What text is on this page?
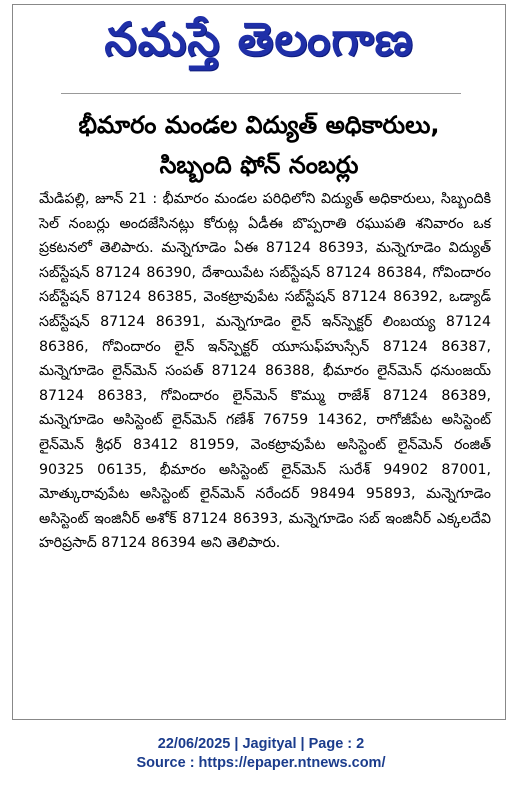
నమస్తే తెలంగాణ
భీమారం మండల విద్యుత్ అధికారులు,
సిబ్బంది ఫోన్ నంబర్లు
మేడిపల్లి, జూన్ 21 : భీమారం మండల పరిధిలోని విద్యుత్ అధికారులు, సిబ్బందికి సెల్ నంబర్లు అందజేసినట్లు కోరుట్ల ఏడీఈ బొప్పరాతి రఘుపతి శనివారం ఒక ప్రకటనలో తెలిపారు. మన్నెగూడెం ఏఈ 87124 86393, మన్నెగూడెం విద్యుత్ సబ్‌స్టేషన్ 87124 86390, దేశాయిపేట సబ్‌స్టేషన్ 87124 86384, గోవిందారం సబ్‌స్టేషన్ 87124 86385, వెంకట్రావుపేట సబ్‌స్టేషన్ 87124 86392, ఒడ్యాడ్ సబ్‌స్టేషన్ 87124 86391, మన్నెగూడెం లైన్ ఇన్‌స్పెక్టర్ లింబయ్య 87124 86386, గోవిందారం లైన్ ఇన్‌స్పెక్టర్ యూసుఫ్‌హుస్సేన్ 87124 86387, మన్నెగూడెం లైన్‌మెన్ సంపత్ 87124 86388, భీమారం లైన్‌మెన్ ధనుంజయ్ 87124 86383, గోవిందారం లైన్‌మెన్ కొమ్ము రాజేశ్ 87124 86389, మన్నెగూడెం అసిస్టెంట్ లైన్‌మెన్ గణేశ్ 76759 14362, రాగోజీపేట అసిస్టెంట్ లైన్‌మెన్ శ్రీధర్ 83412 81959, వెంకట్రావుపేట అసిస్టెంట్ లైన్‌మెన్ రంజిత్ 90325 06135, భీమారం అసిస్టెంట్ లైన్‌మెన్ సురేశ్ 94902 87001, మోత్కురావుపేట అసిస్టెంట్ లైన్‌మెన్ నరేందర్ 98494 95893, మన్నెగూడెం అసిస్టెంట్ ఇంజినీర్ అశోక్ 87124 86393, మన్నెగూడెం సబ్ ఇంజినీర్ ఎక్కలదేవి హరిప్రసాద్ 87124 86394 అని తెలిపారు.
22/06/2025 | Jagityal | Page : 2
Source : https://epaper.ntnews.com/
